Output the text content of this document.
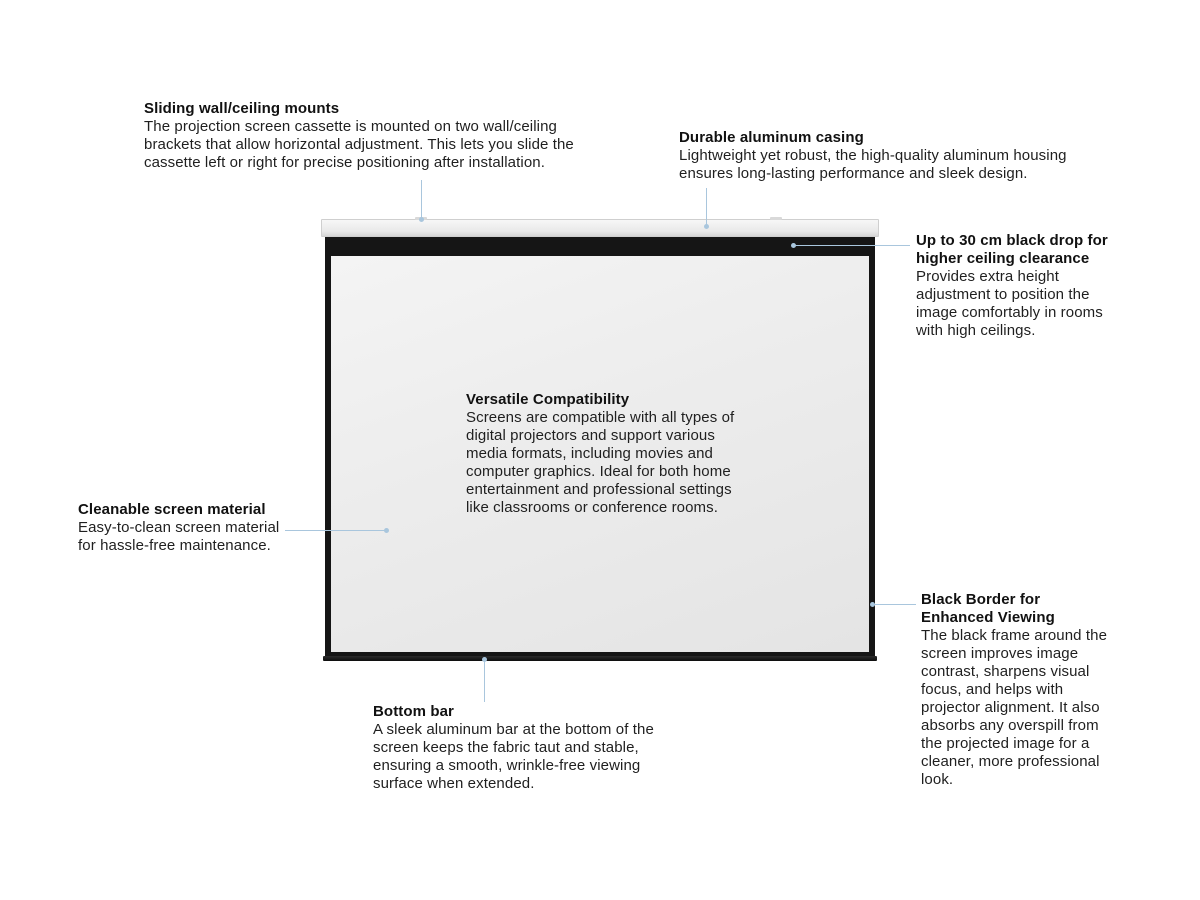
Sliding wall/ceiling mounts
The projection screen cassette is mounted on two wall/ceiling brackets that allow horizontal adjustment. This lets you slide the cassette left or right for precise positioning after installation.
Durable aluminum casing
Lightweight yet robust, the high-quality aluminum housing ensures long-lasting performance and sleek design.
Up to 30 cm black drop for higher ceiling clearance
Provides extra height adjustment to position the image comfortably in rooms with high ceilings.
Versatile Compatibility
Screens are compatible with all types of digital projectors and support various media formats, including movies and computer graphics. Ideal for both home entertainment and professional settings like classrooms or conference rooms.
Cleanable screen material
Easy-to-clean screen material for hassle-free maintenance.
Black Border for Enhanced Viewing
The black frame around the screen improves image contrast, sharpens visual focus, and helps with projector alignment. It also absorbs any overspill from the projected image for a cleaner, more professional look.
Bottom bar
A sleek aluminum bar at the bottom of the screen keeps the fabric taut and stable, ensuring a smooth, wrinkle-free viewing surface when extended.
